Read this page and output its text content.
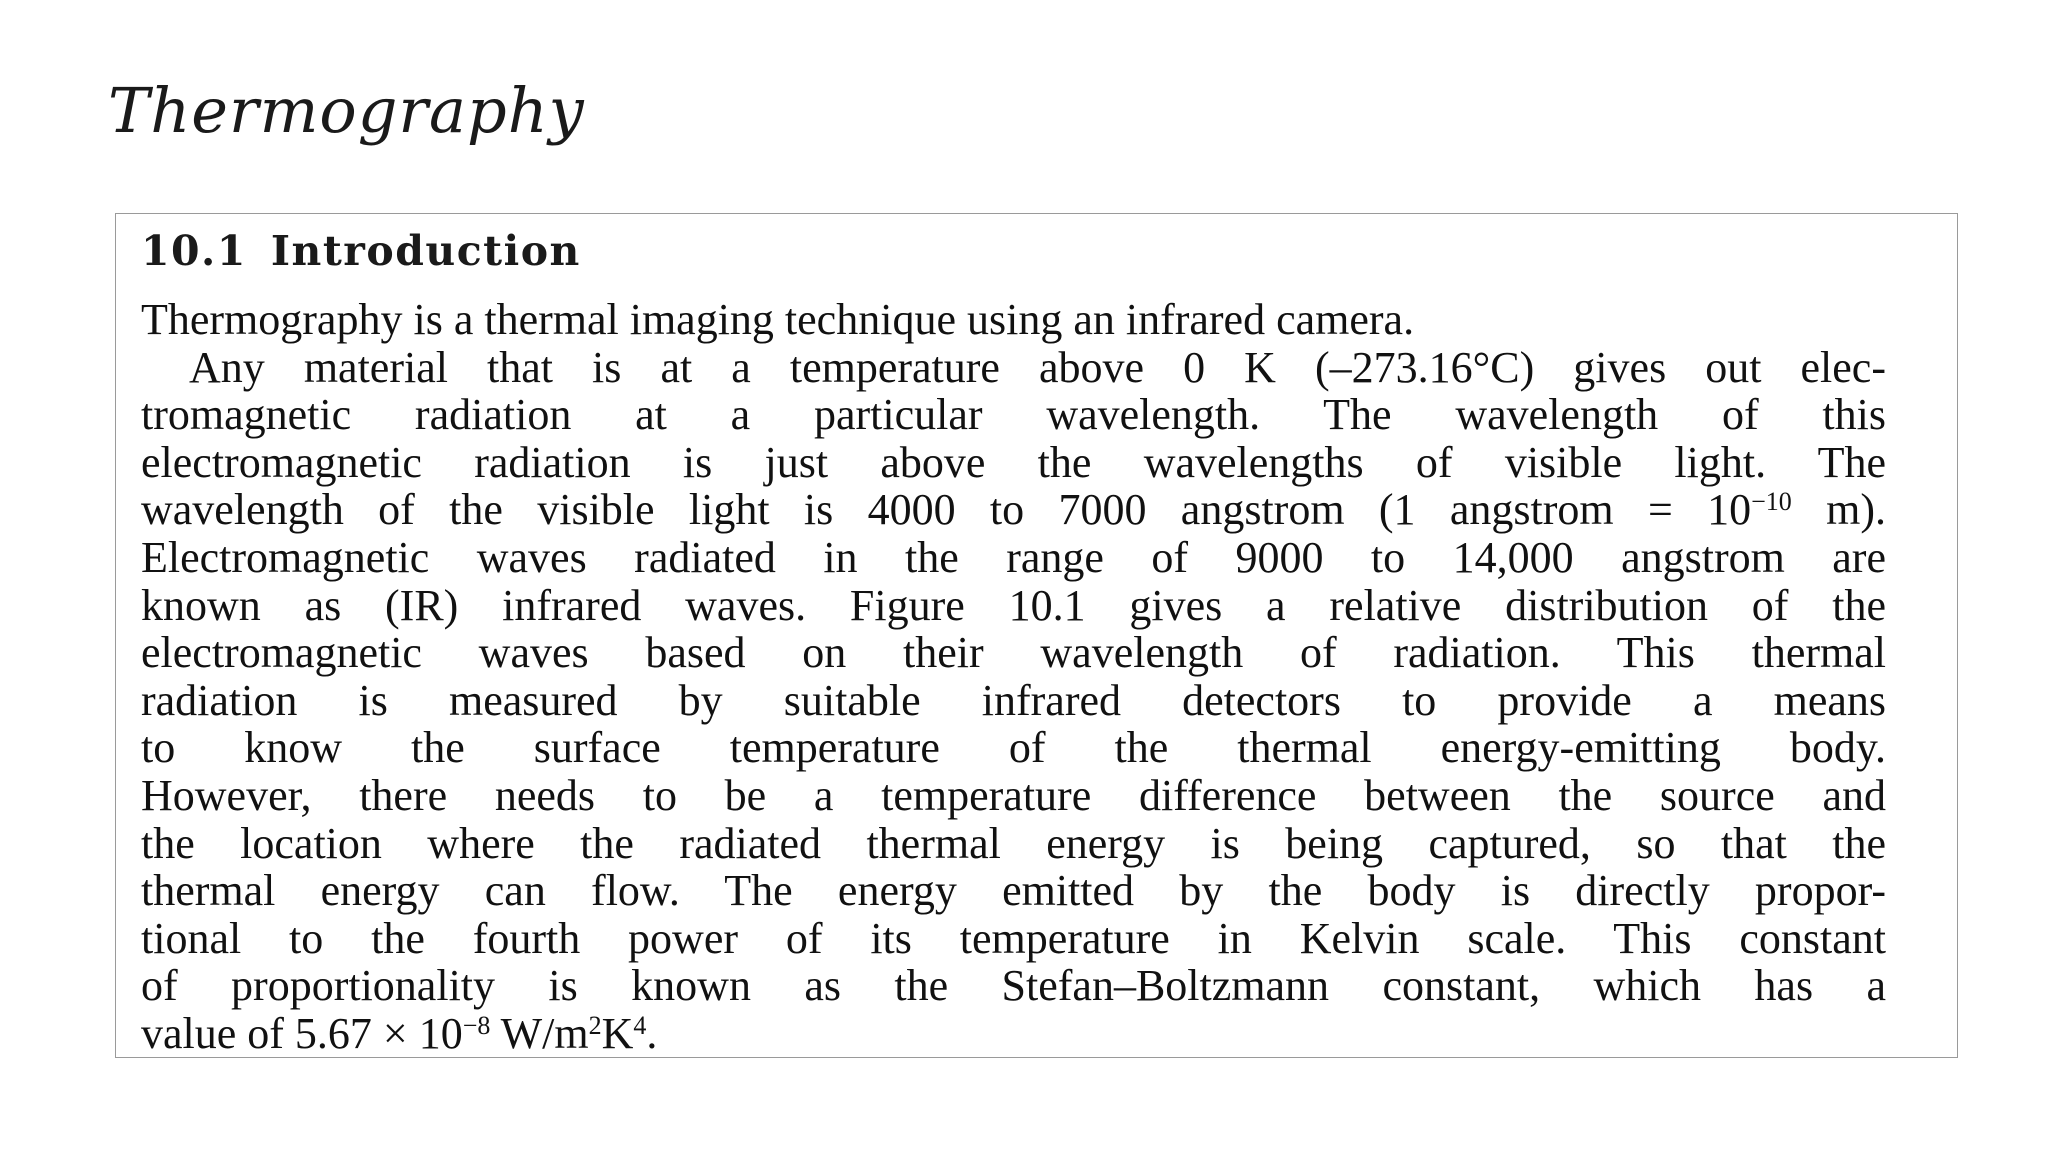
Thermography
10.1 Introduction

Thermography is a thermal imaging technique using an infrared camera.

Any material that is at a temperature above 0 K (–273.16°C) gives out elec-

tromagnetic radiation at a particular wavelength. The wavelength of this

electromagnetic radiation is just above the wavelengths of visible light. The

wavelength of the visible light is 4000 to 7000 angstrom (1 angstrom = $10^{-10}$ m).

Electromagnetic waves radiated in the range of 9000 to 14,000 angstrom are

known as (IR) infrared waves. Figure 10.1 gives a relative distribution of the

electromagnetic waves based on their wavelength of radiation. This thermal

radiation is measured by suitable infrared detectors to provide a means

to know the surface temperature of the thermal energy-emitting body.

However, there needs to be a temperature difference between the source and

the location where the radiated thermal energy is being captured, so that the

thermal energy can flow. The energy emitted by the body is directly propor-

tional to the fourth power of its temperature in Kelvin scale. This constant

of proportionality is known as the Stefan–Boltzmann constant, which has a

value of $5.67 \times 10^{-8}$ $W/m^2K^4$.
